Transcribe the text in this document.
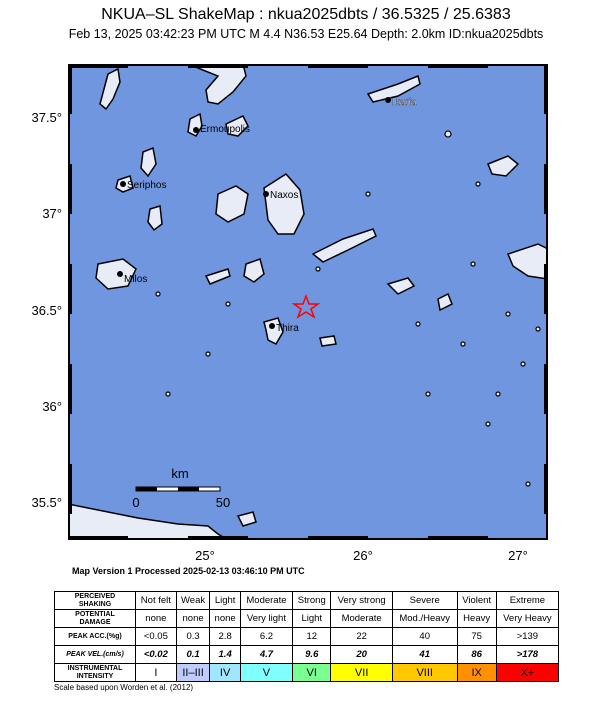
NKUA–SL ShakeMap : nkua2025dbts / 36.5325 / 25.6383
Feb 13, 2025 03:42:23 PM UTC M 4.4 N36.53 E25.64 Depth: 2.0km ID:nkua2025dbts
37.5°
37°
36.5°
36°
35.5°
25°	26°	27°
Ikaria
Ermoupolis
Seriphos
Naxos
Milos
Thira
km
0	50
Map Version 1 Processed 2025-02-13 03:46:10 PM UTC
PERCEIVED
SHAKING	Not felt	Weak	Light	Moderate	Strong	Very strong	Severe	Violent	Extreme
POTENTIAL
DAMAGE	none	none	none	Very light	Light	Moderate	Mod./Heavy	Heavy	Very Heavy
PEAK ACC.(%g)	<0.05	0.3	2.8	6.2	12	22	40	75	>139
PEAK VEL.(cm/s)	<0.02	0.1	1.4	4.7	9.6	20	41	86	>178
INSTRUMENTAL
INTENSITY	I	II–III	IV	V	VI	VII	VIII	IX	X+
Scale based upon Worden et al. (2012)
